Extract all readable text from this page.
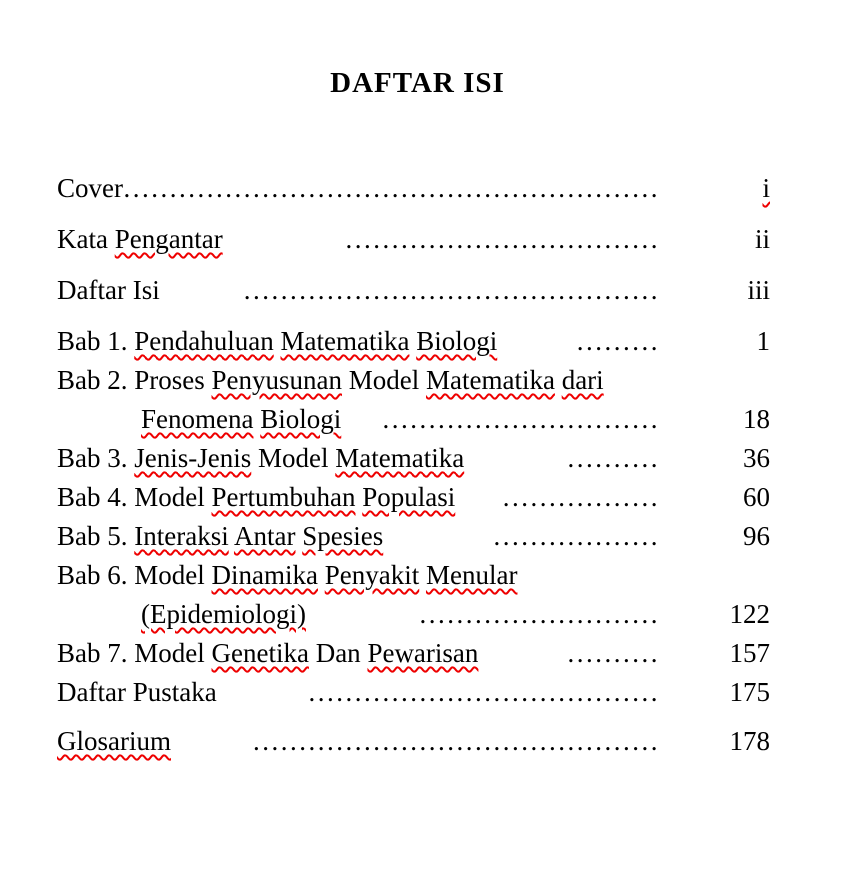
DAFTAR ISI
Cover ..........................................................	i
Kata Pengantar	..................................	ii
Daftar Isi	.............................................	iii
Bab 1. Pendahuluan Matematika Biologi	.........	1
Bab 2. Proses Penyusunan Model Matematika dari
Fenomena Biologi	..............................	18
Bab 3. Jenis-Jenis Model Matematika	..........	36
Bab 4. Model Pertumbuhan Populasi	.................	60
Bab 5. Interaksi Antar Spesies	..................	96
Bab 6. Model Dinamika Penyakit Menular
(Epidemiologi)	..........................	122
Bab 7. Model Genetika Dan Pewarisan	..........	157
Daftar Pustaka	......................................	175
Glosarium	............................................	178
